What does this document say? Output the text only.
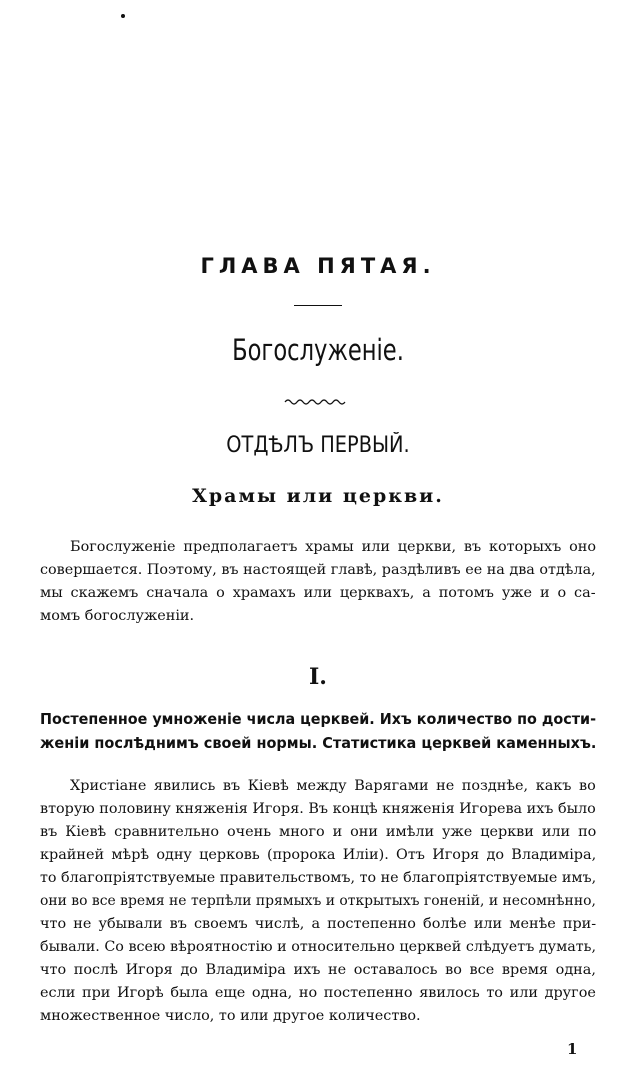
ГЛАВА ПЯТАЯ.
Богослуженіе.
ОТДѢЛЪ ПЕРВЫЙ.
Храмы или церкви.
Богослуженіе предполагаетъ храмы или церкви, въ которыхъ оно
совершается. Поэтому, въ настоящей главѣ, раздѣливъ ее на два отдѣла,
мы скажемъ сначала о храмахъ или церквахъ, а потомъ уже и о са-
момъ богослуженіи.
I.
Постепенное умноженіе числа церквей. Ихъ количество по дости-
женіи послѣднимъ своей нормы. Статистика церквей каменныхъ.
Христіане явились въ Кіевѣ между Варягами не позднѣе, какъ во
вторую половину княженія Игоря. Въ концѣ княженія Игорева ихъ было
въ Кіевѣ сравнительно очень много и они имѣли уже церкви или по
крайней мѣрѣ одну церковь (пророка Иліи). Отъ Игоря до Владиміра,
то благопріятствуемые правительствомъ, то не благопріятствуемые имъ,
они во все время не терпѣли прямыхъ и открытыхъ гоненій, и несомнѣнно,
что не убывали въ своемъ числѣ, а постепенно болѣе или менѣе при-
бывали. Со всею вѣроятностію и относительно церквей слѣдуетъ думать,
что послѣ Игоря до Владиміра ихъ не оставалось во все время одна,
если при Игорѣ была еще одна, но постепенно явилось то или другое
множественное число, то или другое количество.
1
